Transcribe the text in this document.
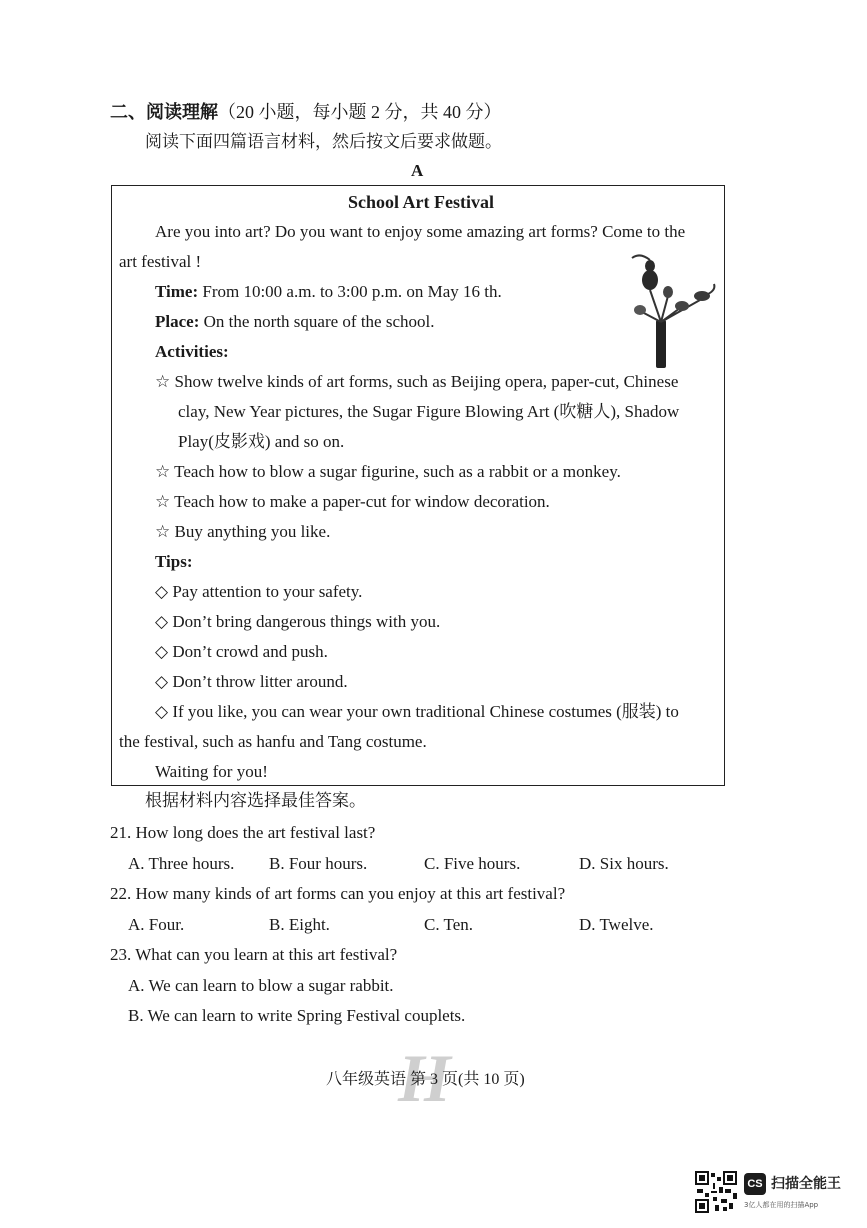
二、阅读理解（20 小题，每小题 2 分，共 40 分）
阅读下面四篇语言材料，然后按文后要求做题。
A
School Art Festival
Are you into art? Do you want to enjoy some amazing art forms? Come to the
art festival !
Time: From 10:00 a.m. to 3:00 p.m. on May 16 th.
Place: On the north square of the school.
Activities:
☆ Show twelve kinds of art forms, such as Beijing opera, paper-cut, Chinese
clay, New Year pictures, the Sugar Figure Blowing Art (吹糖人), Shadow
Play(皮影戏) and so on.
☆ Teach how to blow a sugar figurine, such as a rabbit or a monkey.
☆ Teach how to make a paper-cut for window decoration.
☆ Buy anything you like.
Tips:
◇ Pay attention to your safety.
◇ Don’t bring dangerous things with you.
◇ Don’t crowd and push.
◇ Don’t throw litter around.
◇ If you like, you can wear your own traditional Chinese costumes (服装) to
the festival, such as hanfu and Tang costume.
Waiting for you!
根据材料内容选择最佳答案。
21. How long does the art festival last?
A. Three hours. B. Four hours.	C. Five hours.	D. Six hours.
22. How many kinds of art forms can you enjoy at this art festival?
A. Four.	B. Eight.	C. Ten.	D. Twelve.
23. What can you learn at this art festival?
A. We can learn to blow a sugar rabbit.
B. We can learn to write Spring Festival couplets.
H
八年级英语 第 3 页(共 10 页)
CS 扫描全能王
3亿人都在用的扫描App
